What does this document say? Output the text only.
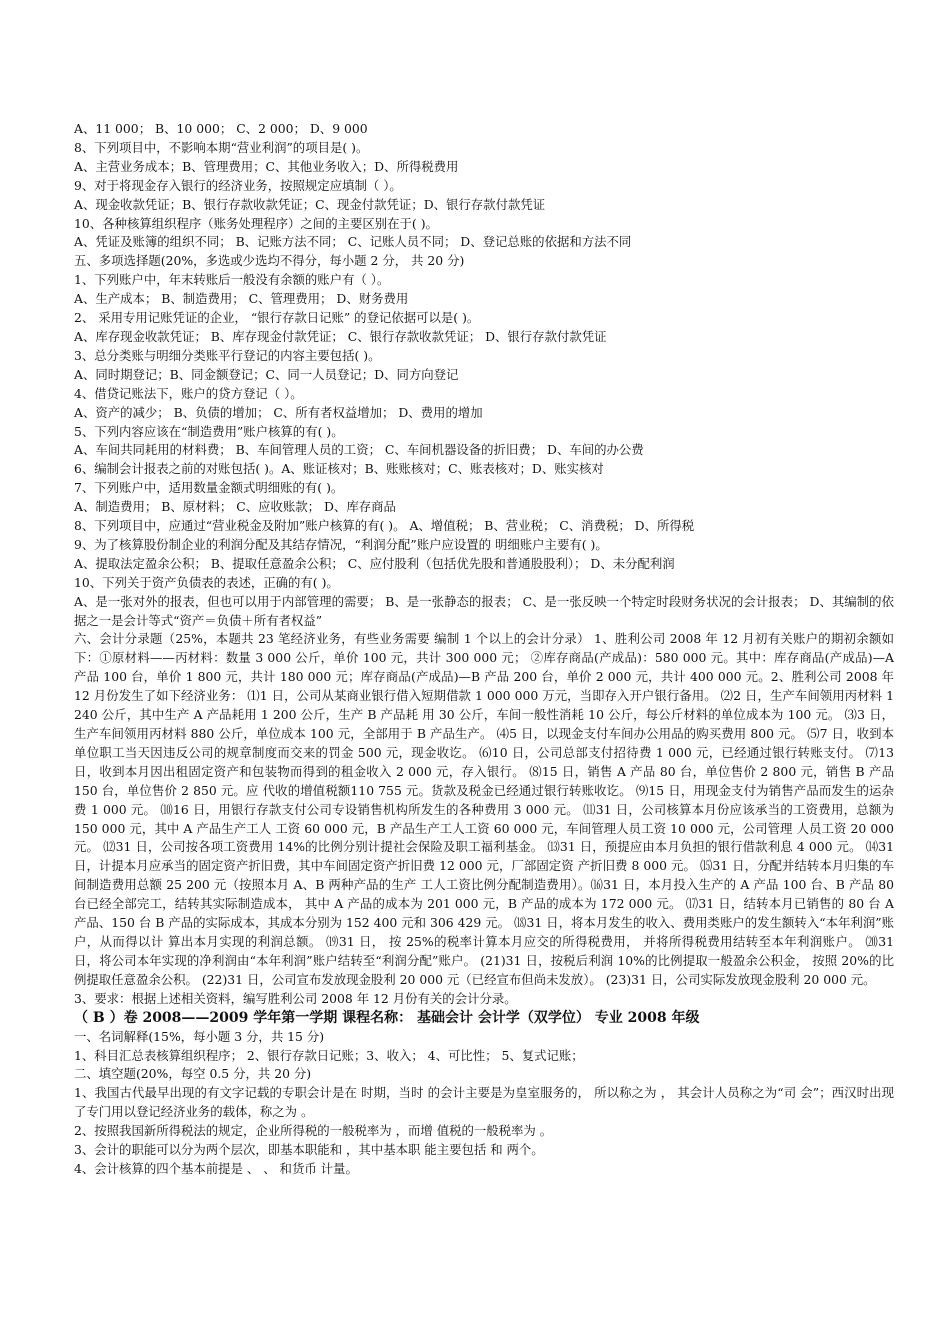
A、11 000； B、10 000； C、2 000； D、9 000
8、下列项目中，不影响本期“营业利润”的项目是( )。
A、主营业务成本；B、管理费用；C、其他业务收入；D、所得税费用
9、对于将现金存入银行的经济业务，按照规定应填制（ ）。
A、现金收款凭证；B、银行存款收款凭证；C、现金付款凭证；D、银行存款付款凭证
10、各种核算组织程序（账务处理程序）之间的主要区别在于( )。
A、凭证及账簿的组织不同； B、记账方法不同； C、记账人员不同； D、登记总账的依据和方法不同
五、多项选择题(20%，多选或少选均不得分，每小题 2 分， 共 20 分)
1、下列账户中，年末转账后一般没有余额的账户有（ ）。
A、生产成本； B、制造费用； C、管理费用； D、财务费用
2、 采用专用记账凭证的企业， “银行存款日记账” 的登记依据可以是( )。
A、库存现金收款凭证； B、库存现金付款凭证； C、银行存款收款凭证； D、银行存款付款凭证
3、总分类账与明细分类账平行登记的内容主要包括( )。
A、同时期登记；B、同金额登记；C、同一人员登记；D、同方向登记
4、借贷记账法下，账户的贷方登记（ ）。
A、资产的减少； B、负债的增加； C、所有者权益增加； D、费用的增加
5、下列内容应该在“制造费用”账户核算的有( )。
A、车间共同耗用的材料费； B、车间管理人员的工资； C、车间机器设备的折旧费； D、车间的办公费
6、编制会计报表之前的对账包括( )。A、账证核对；B、账账核对；C、账表核对；D、账实核对
7、下列账户中，适用数量金额式明细账的有( )。
A、制造费用； B、原材料； C、应收账款； D、库存商品
8、下列项目中，应通过“营业税金及附加”账户核算的有( )。 A、增值税； B、营业税； C、消费税； D、所得税
9、为了核算股份制企业的利润分配及其结存情况，“利润分配”账户应设置的 明细账户主要有( )。
A、提取法定盈余公积； B、提取任意盈余公积； C、应付股利（包括优先股和普通股股利）； D、未分配利润
10、下列关于资产负债表的表述，正确的有( )。
A、是一张对外的报表，但也可以用于内部管理的需要； B、是一张静态的报表； C、是一张反映一个特定时段财务状况的会计报表； D、其编制的依据之一是会计等式“资产＝负债＋所有者权益”
六、会计分录题（25%，本题共 23 笔经济业务，有些业务需要 编制 1 个以上的会计分录） 1、胜利公司 2008 年 12 月初有关账户的期初余额如下：①原材料——丙材料：数量 3 000 公斤，单价 100 元，共计 300 000 元； ②库存商品(产成品)：580 000 元。其中：库存商品(产成品)—A 产品 100 台，单价 1 800 元，共计 180 000 元；库存商品(产成品)—B 产品 200 台，单价 2 000 元，共计 400 000 元。2、胜利公司 2008 年 12 月份发生了如下经济业务： ⑴1 日，公司从某商业银行借入短期借款 1 000 000 万元，当即存入开户银行备用。 ⑵2 日，生产车间领用丙材料 1 240 公斤，其中生产 A 产品耗用 1 200 公斤，生产 B 产品耗 用 30 公斤，车间一般性消耗 10 公斤，每公斤材料的单位成本为 100 元。 ⑶3 日，生产车间领用丙材料 880 公斤，单位成本 100 元，全部用于 B 产品生产。 ⑷5 日，以现金支付车间办公用品的购买费用 800 元。 ⑸7 日，收到本单位职工当天因违反公司的规章制度而交来的罚金 500 元，现金收讫。 ⑹10 日，公司总部支付招待费 1 000 元，已经通过银行转账支付。 ⑺13 日，收到本月因出租固定资产和包装物而得到的租金收入 2 000 元，存入银行。 ⑻15 日，销售 A 产品 80 台，单位售价 2 800 元，销售 B 产品 150 台，单位售价 2 850 元。应 代收的增值税额110 755 元。货款及税金已经通过银行转账收讫。 ⑼15 日，用现金支付为销售产品而发生的运杂费 1 000 元。 ⑽16 日，用银行存款支付公司专设销售机构所发生的各种费用 3 000 元。 ⑾31 日，公司核算本月份应该承当的工资费用，总额为 150 000 元，其中 A 产品生产工人 工资 60 000 元，B 产品生产工人工资 60 000 元，车间管理人员工资 10 000 元，公司管理 人员工资 20 000 元。 ⑿31 日，公司按各项工资费用 14%的比例分别计提社会保险及职工福利基金。 ⒀31 日，预提应由本月负担的银行借款利息 4 000 元。 ⒁31 日，计提本月应承当的固定资产折旧费，其中车间固定资产折旧费 12 000 元，厂部固定资 产折旧费 8 000 元。 ⒂31 日，分配并结转本月归集的车间制造费用总额 25 200 元（按照本月 A、B 两种产品的生产 工人工资比例分配制造费用）。⒃31 日，本月投入生产的 A 产品 100 台、B 产品 80 台已经全部完工，结转其实际制造成本， 其中 A 产品的成本为 201 000 元，B 产品的成本为 172 000 元。 ⒄31 日，结转本月已销售的 80 台 A 产品、150 台 B 产品的实际成本，其成本分别为 152 400 元和 306 429 元。 ⒅31 日，将本月发生的收入、费用类账户的发生额转入“本年利润”账户，从而得以计 算出本月实现的利润总额。 ⒆31 日， 按 25%的税率计算本月应交的所得税费用， 并将所得税费用结转至本年利润账户。 ⒇31 日，将公司本年实现的净利润由“本年利润”账户结转至“利润分配”账户。 (21)31 日，按税后利润 10%的比例提取一般盈余公积金， 按照 20%的比例提取任意盈余公积。 (22)31 日，公司宣布发放现金股利 20 000 元（已经宣布但尚未发放）。 (23)31 日，公司实际发放现金股利 20 000 元。
3、要求：根据上述相关资料，编写胜利公司 2008 年 12 月份有关的会计分录。
（ B ）卷 2008——2009 学年第一学期 课程名称： 基础会计 会计学（双学位） 专业 2008 年级
一、名词解释(15%，每小题 3 分，共 15 分)
1、科目汇总表核算组织程序； 2、银行存款日记账；3、收入； 4、可比性； 5、复式记账；
二、填空题(20%，每空 0.5 分，共 20 分)
1、我国古代最早出现的有文字记载的专职会计是在 时期，当时 的会计主要是为皇室服务的， 所以称之为 ， 其会计人员称之为“司 会”；西汉时出现了专门用以登记经济业务的载体，称之为 。
2、按照我国新所得税法的规定，企业所得税的一般税率为 ，而增 值税的一般税率为 。
3、会计的职能可以分为两个层次，即基本职能和 ，其中基本职 能主要包括 和 两个。
4、会计核算的四个基本前提是 、 、 和货币 计量。
